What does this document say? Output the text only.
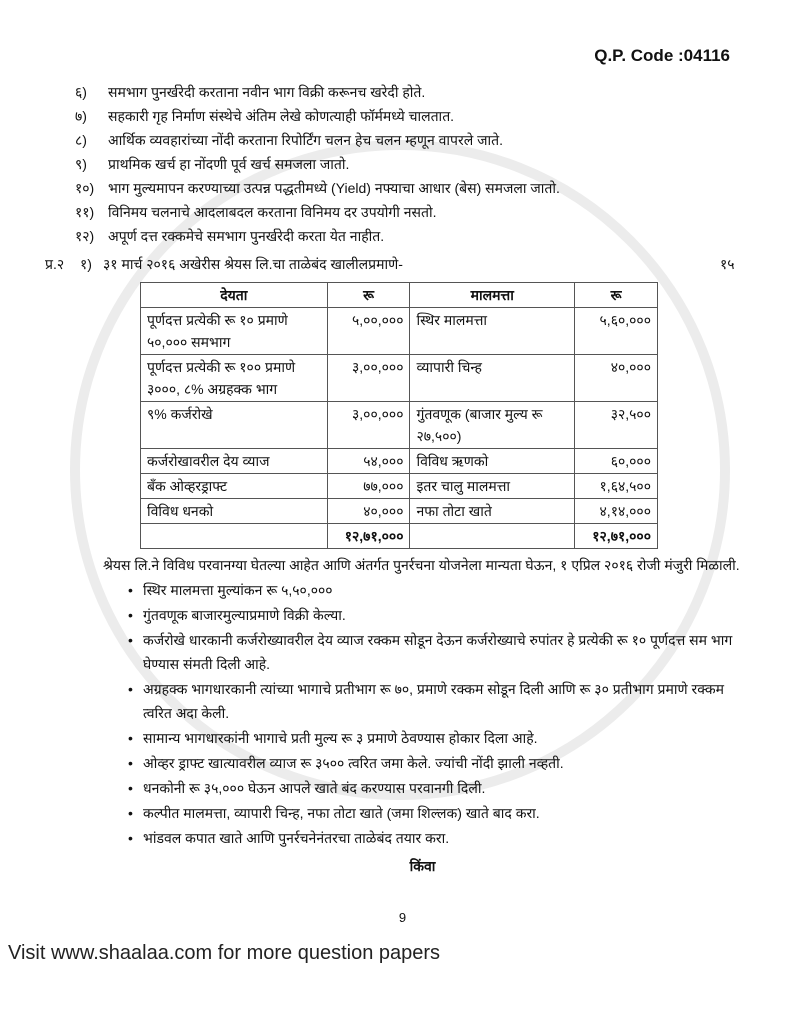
Q.P. Code :04116
६)	समभाग पुनर्खरेदी करताना नवीन भाग विक्री करूनच खरेदी होते.
७)	सहकारी गृह निर्माण संस्थेचे अंतिम लेखे कोणत्याही फॉर्ममध्ये चालतात.
८)	आर्थिक व्यवहारांच्या नोंदी करताना रिपोर्टिंग चलन हेच चलन म्हणून वापरले जाते.
९)	प्राथमिक खर्च हा नोंदणी पूर्व खर्च समजला जातो.
१०) भाग मुल्यमापन करण्याच्या उत्पन्न पद्धतीमध्ये (Yield) नफ्याचा आधार (बेस) समजला जातो.
११) विनिमय चलनाचे आदलाबदल करताना विनिमय दर उपयोगी नसतो.
१२) अपूर्ण दत्त रक्कमेचे समभाग पुनर्खरेदी करता येत नाहीत.
प्र.२	१) ३१ मार्च २०१६ अखेरीस श्रेयस लि.चा ताळेबंद खालीलप्रमाणे-	१५
देयता	रू	मालमत्ता	रू
पूर्णदत्त प्रत्येकी रू १० प्रमाणे ५०,००० समभाग	५,००,०००	स्थिर मालमत्ता	५,६०,०००
पूर्णदत्त प्रत्येकी रू १०० प्रमाणे ३०००, ८% अग्रहक्क भाग	३,००,०००	व्यापारी चिन्ह	४०,०००
९% कर्जरोखे	३,००,०००	गुंतवणूक (बाजार मुल्य रू २७,५००)	३२,५००
कर्जरोखावरील देय व्याज	५४,०००	विविध ऋणको	६०,०००
बँक ओव्हरड्राफ्ट	७७,०००	इतर चालु मालमत्ता	१,६४,५००
विविध धनको	४०,०००	नफा तोटा खाते	४,१४,०००
	१२,७१,०००		१२,७१,०००
श्रेयस लि.ने विविध परवानग्या घेतल्या आहेत आणि अंतर्गत पुनर्रचना योजनेला मान्यता घेऊन, १ एप्रिल २०१६ रोजी मंजुरी मिळाली.
• स्थिर मालमत्ता मुल्यांकन रू ५,५०,०००
• गुंतवणूक बाजारमुल्याप्रमाणे विक्री केल्या.
• कर्जरोखे धारकानी कर्जरोख्यावरील देय व्याज रक्कम सोडून देऊन कर्जरोख्याचे रुपांतर हे प्रत्येकी रू १० पूर्णदत्त सम भाग घेण्यास संमती दिली आहे.
• अग्रहक्क भागधारकानी त्यांच्या भागाचे प्रतीभाग रू ७०, प्रमाणे रक्कम सोडून दिली आणि रू ३० प्रतीभाग प्रमाणे रक्कम त्वरित अदा केली.
• सामान्य भागधारकांनी भागाचे प्रती मुल्य रू ३ प्रमाणे ठेवण्यास होकार दिला आहे.
• ओव्हर ड्राफ्ट खात्यावरील व्याज रू ३५०० त्वरित जमा केले. ज्यांची नोंदी झाली नव्हती.
• धनकोनी रू ३५,००० घेऊन आपले खाते बंद करण्यास परवानगी दिली.
• कल्पीत मालमत्ता, व्यापारी चिन्ह, नफा तोटा खाते (जमा शिल्लक) खाते बाद करा.
• भांडवल कपात खाते आणि पुनर्रचनेनंतरचा ताळेबंद तयार करा.
किंवा
9
Visit www.shaalaa.com for more question papers
